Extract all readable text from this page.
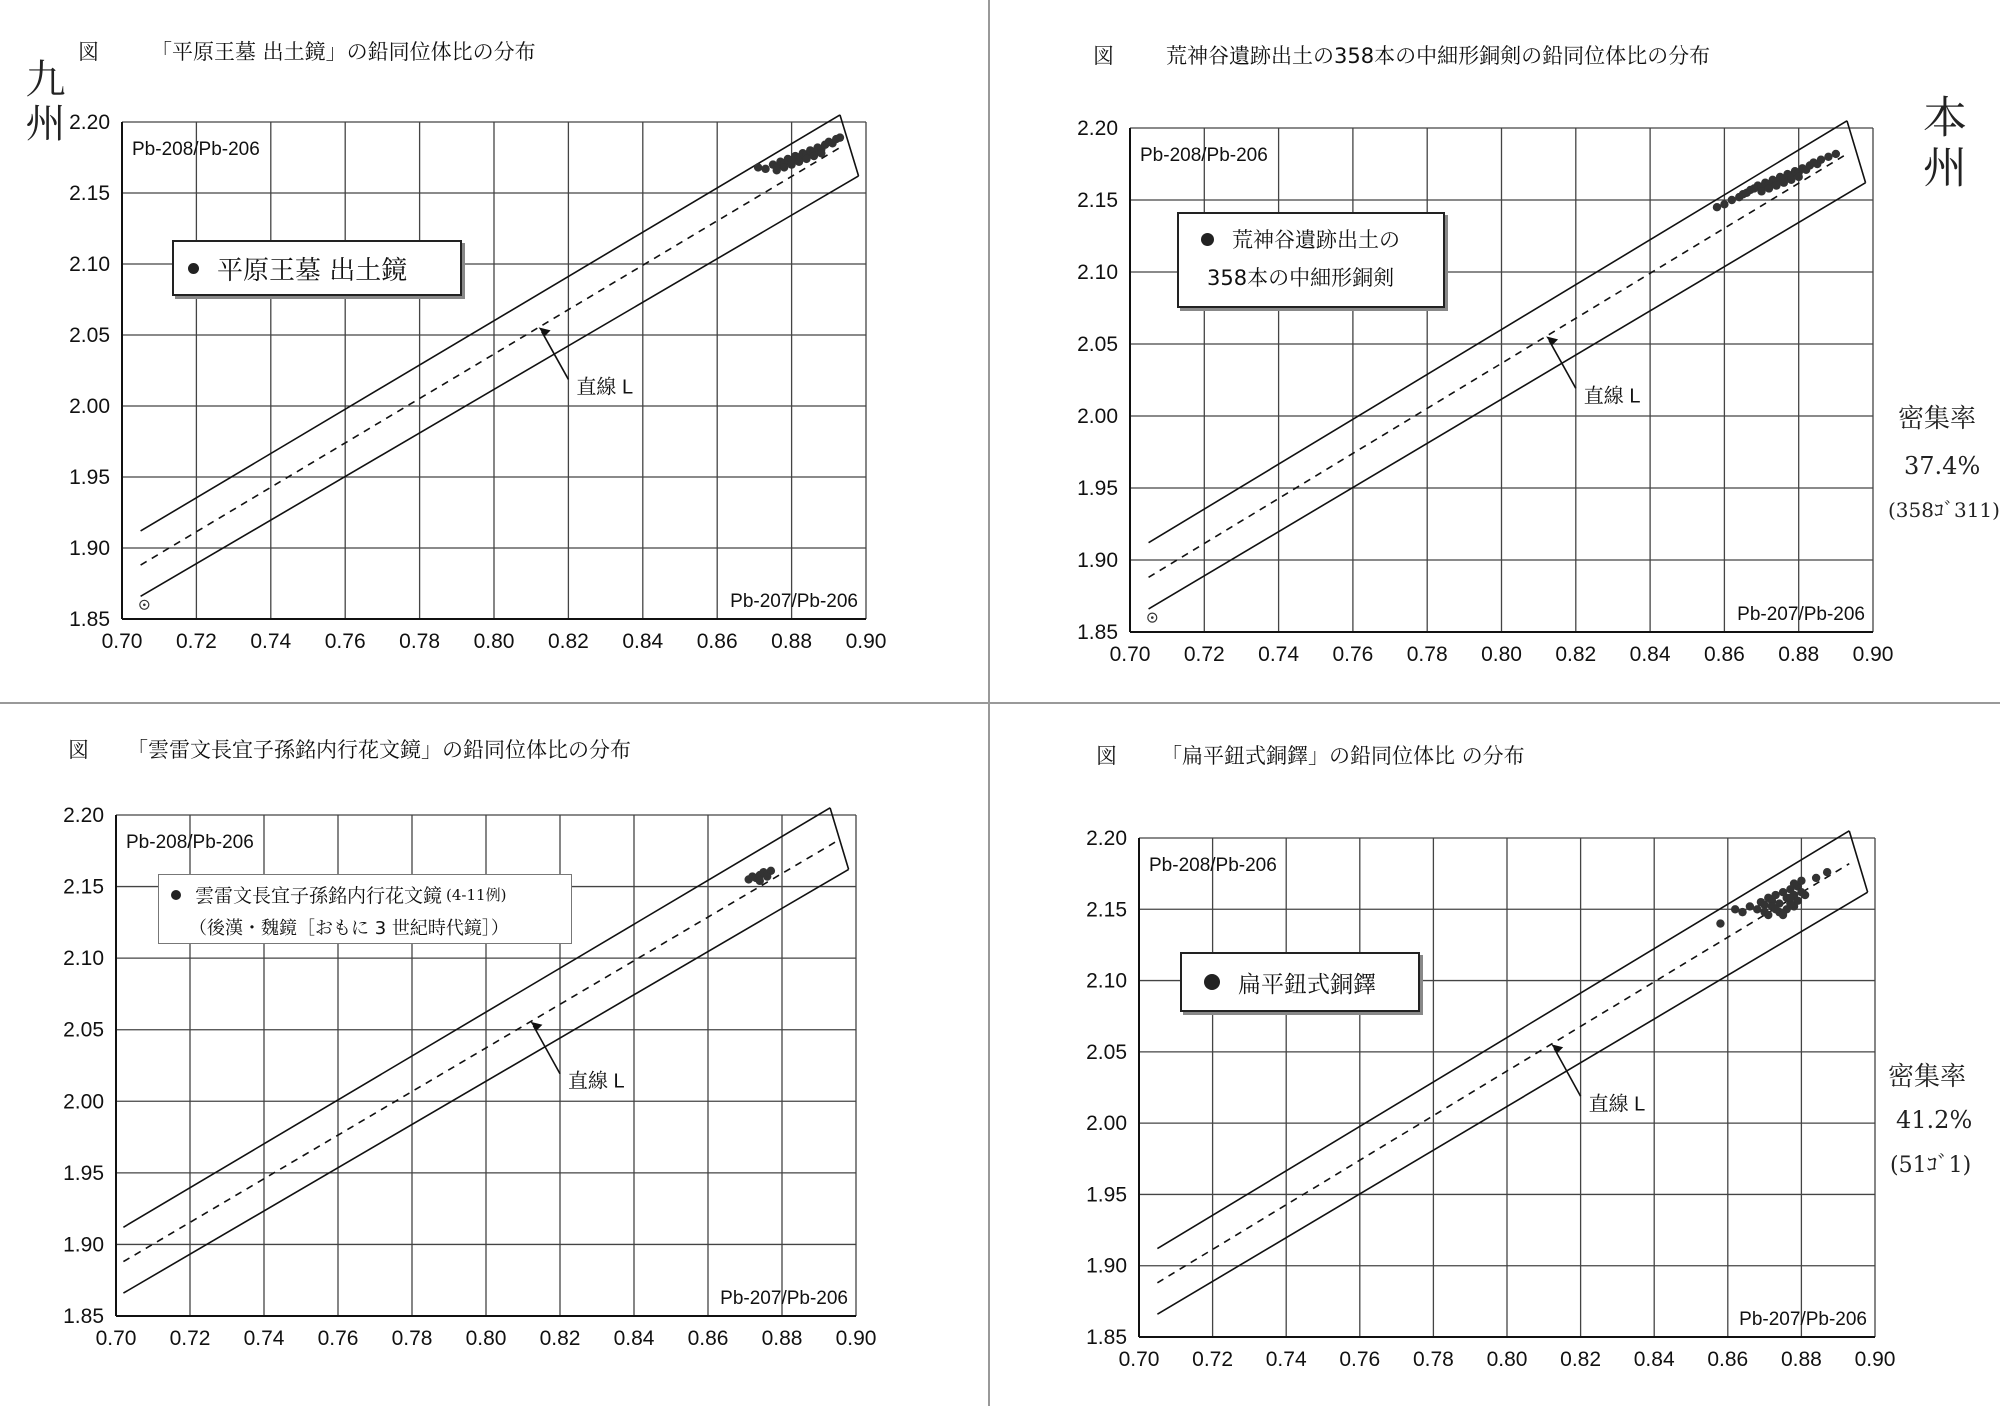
図 「平原王墓 出土鏡」の鉛同位体比の分布
0.70 0.72 0.74 0.76 0.78 0.80 0.82 0.84 0.86 0.88 0.90
1.85
1.90
1.95
2.00
2.05
2.10
2.15
2.20
Pb-208/Pb-206
Pb-207/Pb-206
直線 L
平原王墓 出土鏡
図 荒神谷遺跡出土の358本の中細形銅剣の鉛同位体比の分布
0.70 0.72 0.74 0.76 0.78 0.80 0.82 0.84 0.86 0.88 0.90
1.85
1.90
1.95
2.00
2.05
2.10
2.15
2.20
Pb-208/Pb-206
Pb-207/Pb-206
直線 L
荒神谷遺跡出土の
358本の中細形銅剣
図 「雲雷文長宜子孫銘内行花文鏡」の鉛同位体比の分布
0.70 0.72 0.74 0.76 0.78 0.80 0.82 0.84 0.86 0.88 0.90
1.85
1.90
1.95
2.00
2.05
2.10
2.15
2.20
Pb-208/Pb-206
Pb-207/Pb-206
直線 L
雲雷文長宜子孫銘内行花文鏡 (4-11例)
（後漢・魏鏡［おもに 3 世紀時代鏡］）
図 「扁平鈕式銅鐸」の鉛同位体比 の分布
0.70 0.72 0.74 0.76 0.78 0.80 0.82 0.84 0.86 0.88 0.90
1.85
1.90
1.95
2.00
2.05
2.10
2.15
2.20
Pb-208/Pb-206
Pb-207/Pb-206
直線 L
扁平鈕式銅鐸
九州	本州
密集率
37.4%
(358ｺﾞ311)
密集率
41.2%
(51ｺﾞ1)
